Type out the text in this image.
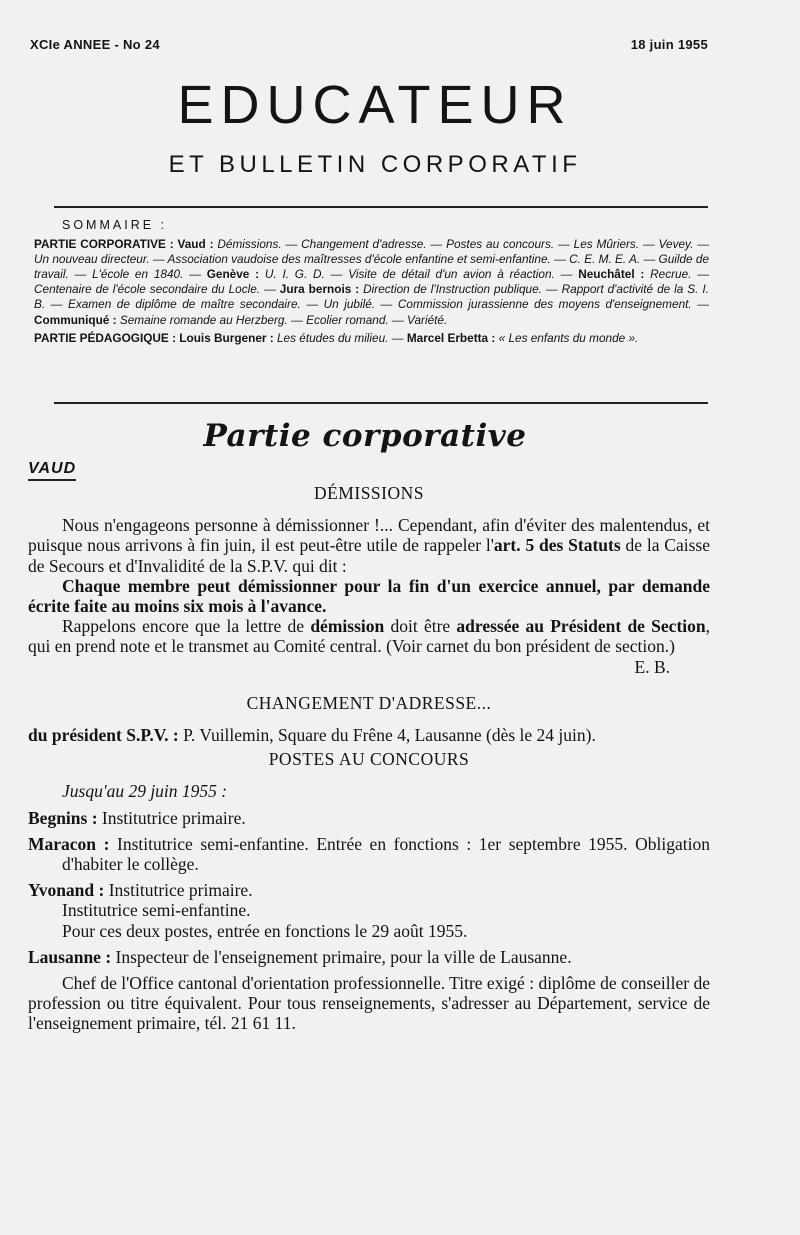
XCIe ANNEE - No 24	18 juin 1955
EDUCATEUR
ET BULLETIN CORPORATIF
SOMMAIRE :
PARTIE CORPORATIVE : Vaud : Démissions. — Changement d'adresse. — Postes au concours. — Les Mûriers. — Vevey. — Un nouveau directeur. — Association vaudoise des maîtresses d'école enfantine et semi-enfantine. — C. E. M. E. A. — Guilde de travail. — L'école en 1840. — Genève : U. I. G. D. — Visite de détail d'un avion à réaction. — Neuchâtel : Recrue. — Centenaire de l'école secondaire du Locle. — Jura bernois : Direction de l'Instruction publique. — Rapport d'activité de la S. I. B. — Examen de diplôme de maître secondaire. — Un jubilé. — Commission jurassienne des moyens d'enseignement. — Communiqué : Semaine romande au Herzberg. — Ecolier romand. — Variété.
PARTIE PÉDAGOGIQUE : Louis Burgener : Les études du milieu. — Marcel Erbetta : « Les enfants du monde ».
Partie corporative
VAUD

DÉMISSIONS

Nous n'engageons personne à démissionner !... Cependant, afin d'éviter des malentendus, et puisque nous arrivons à fin juin, il est peut-être utile de rappeler l'art. 5 des Statuts de la Caisse de Secours et d'Invalidité de la S.P.V. qui dit :

Chaque membre peut démissionner pour la fin d'un exercice annuel, par demande écrite faite au moins six mois à l'avance.

Rappelons encore que la lettre de démission doit être adressée au Président de Section, qui en prend note et le transmet au Comité central. (Voir carnet du bon président de section.)
E. B.

CHANGEMENT D'ADRESSE...

du président S.P.V. : P. Vuillemin, Square du Frêne 4, Lausanne (dès le 24 juin).

POSTES AU CONCOURS

Jusqu'au 29 juin 1955 :

Begnins : Institutrice primaire.

Maracon : Institutrice semi-enfantine. Entrée en fonctions : 1er septembre 1955. Obligation d'habiter le collège.

Yvonand : Institutrice primaire.

Institutrice semi-enfantine.

Pour ces deux postes, entrée en fonctions le 29 août 1955.

Lausanne : Inspecteur de l'enseignement primaire, pour la ville de Lausanne.

Chef de l'Office cantonal d'orientation professionnelle. Titre exigé : diplôme de conseiller de profession ou titre équivalent. Pour tous renseignements, s'adresser au Département, service de l'enseignement primaire, tél. 21 61 11.
